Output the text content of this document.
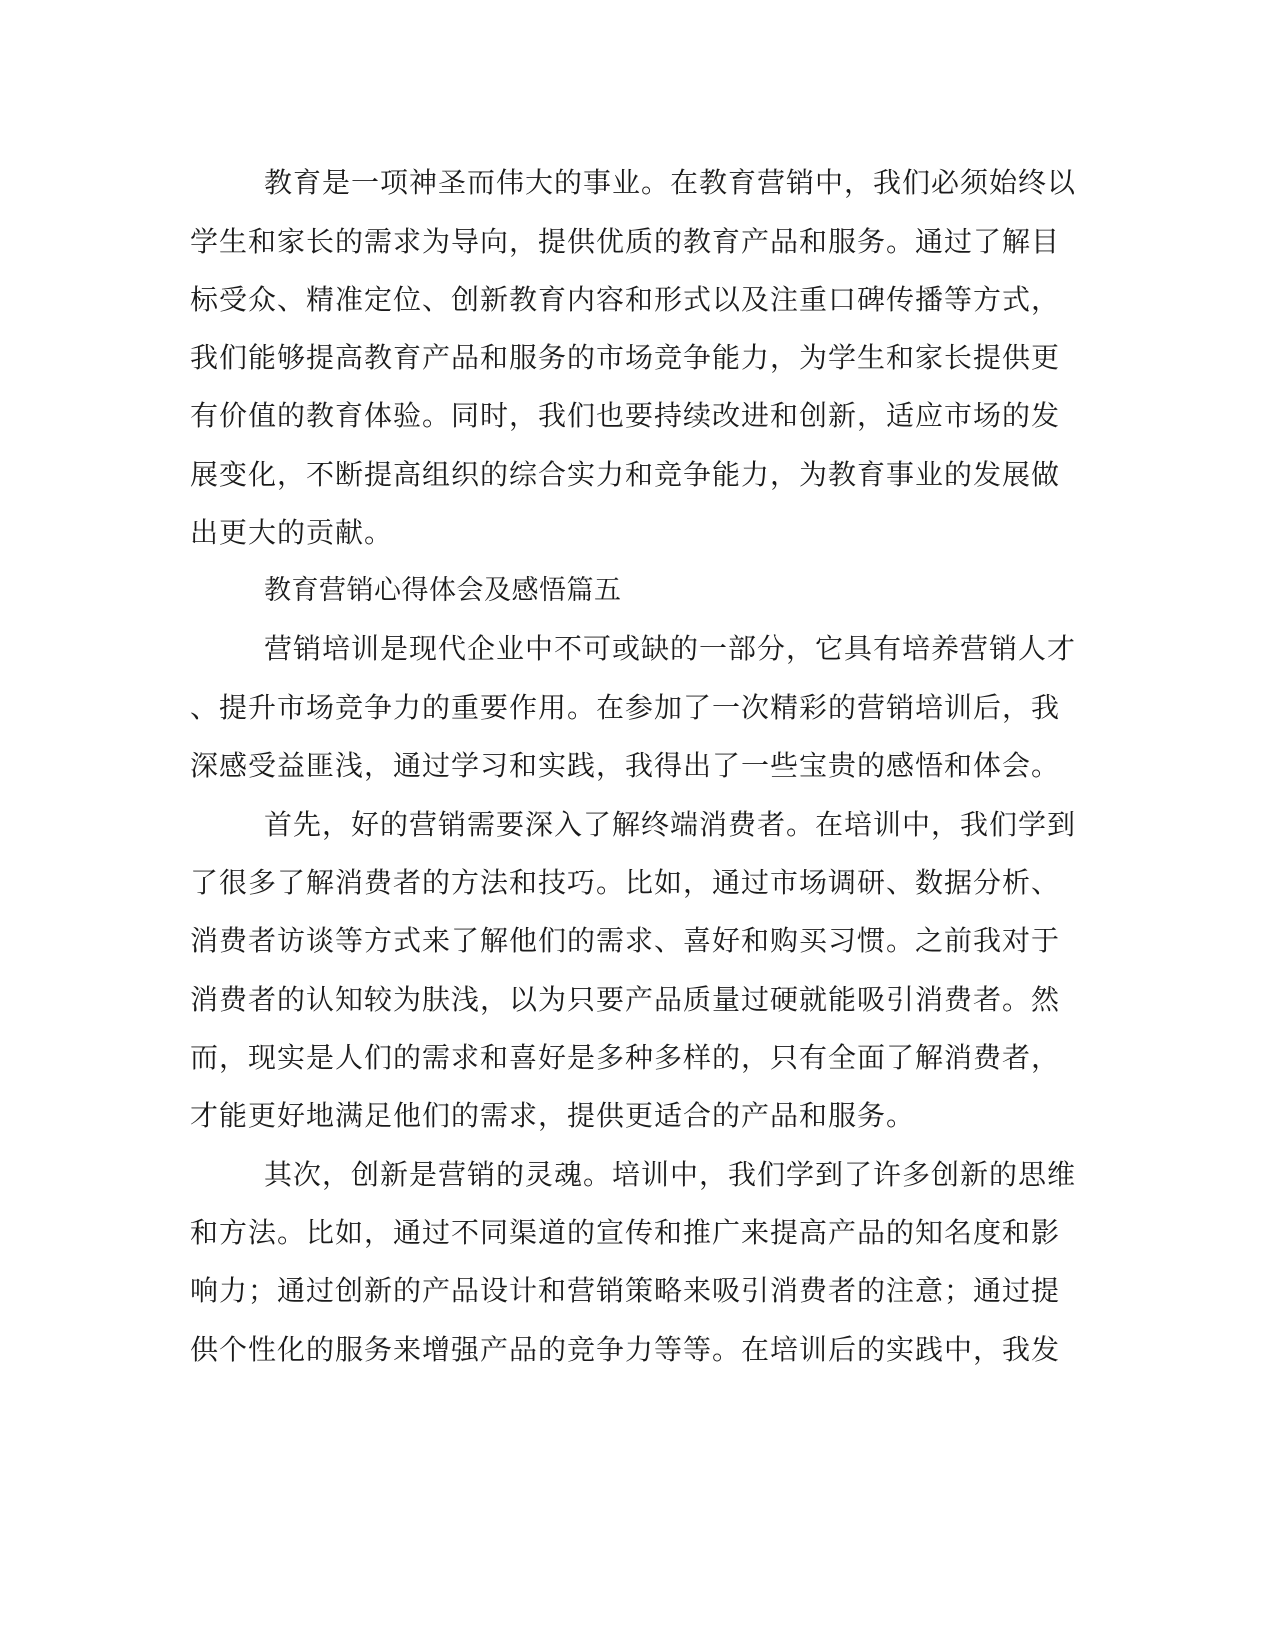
教育是一项神圣而伟大的事业。在教育营销中，我们必须始终以
学生和家长的需求为导向，提供优质的教育产品和服务。通过了解目
标受众、精准定位、创新教育内容和形式以及注重口碑传播等方式，
我们能够提高教育产品和服务的市场竞争能力，为学生和家长提供更
有价值的教育体验。同时，我们也要持续改进和创新，适应市场的发
展变化，不断提高组织的综合实力和竞争能力，为教育事业的发展做
出更大的贡献。
教育营销心得体会及感悟篇五
营销培训是现代企业中不可或缺的一部分，它具有培养营销人才
、提升市场竞争力的重要作用。在参加了一次精彩的营销培训后，我
深感受益匪浅，通过学习和实践，我得出了一些宝贵的感悟和体会。
首先，好的营销需要深入了解终端消费者。在培训中，我们学到
了很多了解消费者的方法和技巧。比如，通过市场调研、数据分析、
消费者访谈等方式来了解他们的需求、喜好和购买习惯。之前我对于
消费者的认知较为肤浅，以为只要产品质量过硬就能吸引消费者。然
而，现实是人们的需求和喜好是多种多样的，只有全面了解消费者，
才能更好地满足他们的需求，提供更适合的产品和服务。
其次，创新是营销的灵魂。培训中，我们学到了许多创新的思维
和方法。比如，通过不同渠道的宣传和推广来提高产品的知名度和影
响力；通过创新的产品设计和营销策略来吸引消费者的注意；通过提
供个性化的服务来增强产品的竞争力等等。在培训后的实践中，我发
